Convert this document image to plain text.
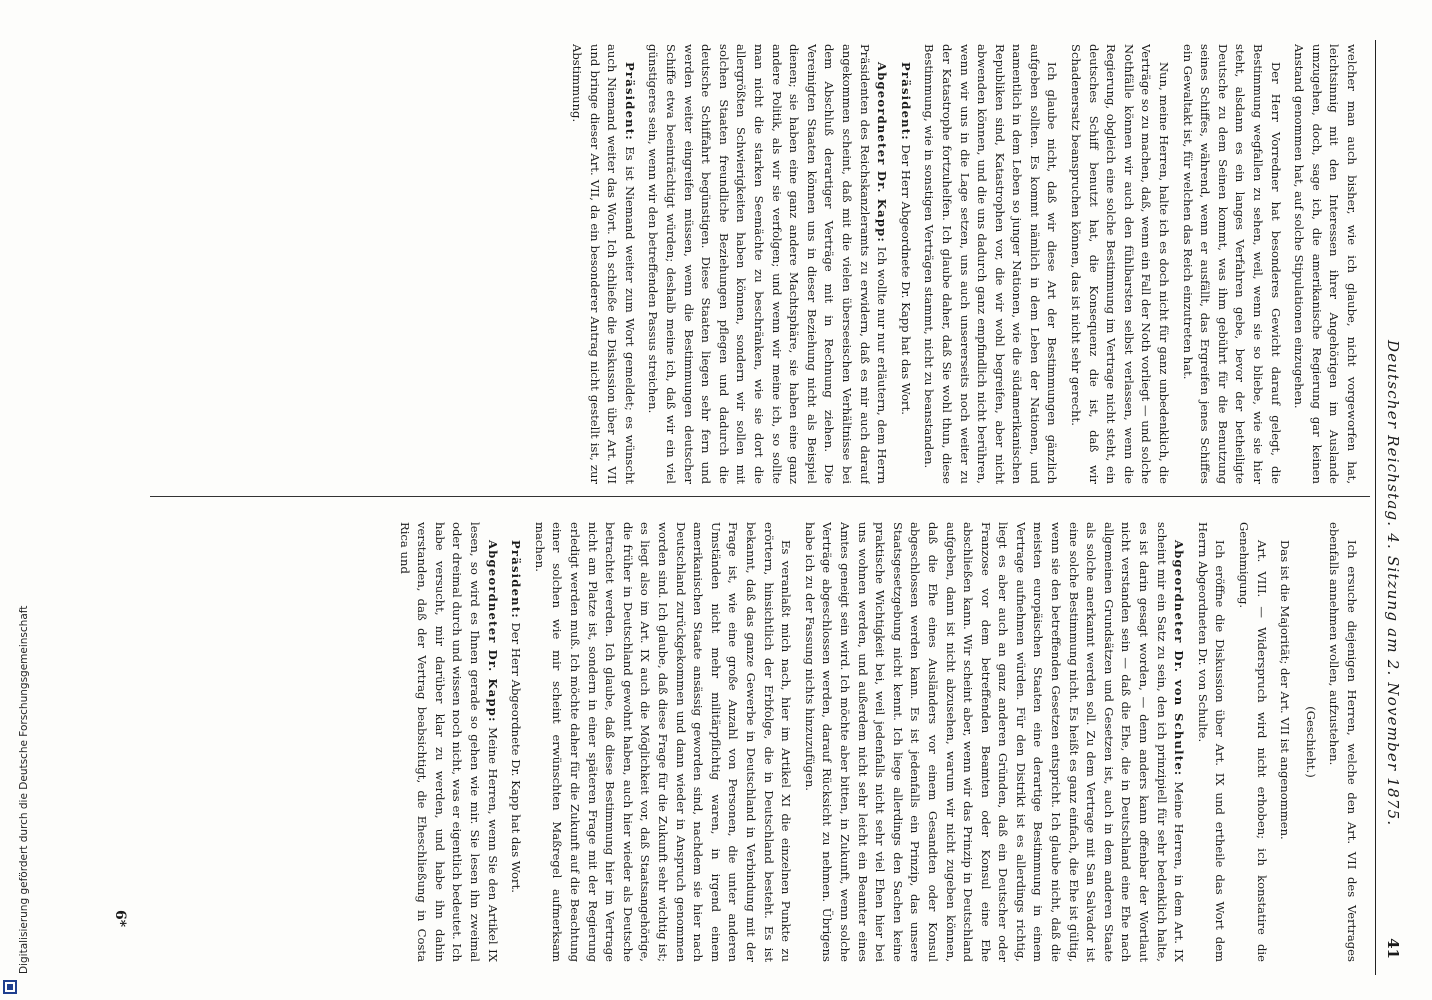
Digitalisierung gefördert durch die Deutsche Forschungsgemeinschaft	Deutscher Reichstag. 4. Sitzung am 2. November 1875.
41

welcher man auch bisher, wie ich glaube, nicht vorgeworfen hat, leichtsinnig mit den Interessen ihrer Angehörigen im Auslande umzugehen, doch, sage ich, die amerikanische Regierung gar keinen Anstand genommen hat, auf solche Stipulationen einzugehen.

Der Herr Vorredner hat besonderes Gewicht darauf gelegt, die Bestimmung wegfallen zu sehen, weil, wenn sie so bliebe, wie sie hier steht, alsdann es ein langes Verfahren gebe, bevor der betheiligte Deutsche zu dem Seinen kommt, was ihm gebührt für die Benutzung seines Schiffes, während, wenn er ausfällt, das Ergreifen jenes Schiffes ein Gewaltakt ist, für welchen das Reich einzutreten hat.

Nun, meine Herren, halte ich es doch nicht für ganz unbedenklich, die Verträge so zu machen, daß, wenn ein Fall der Noth vorliegt — und solche Nothfälle können wir auch den fühlbarsten selbst verlassen, wenn die Regierung, obgleich eine solche Bestimmung im Vertrage nicht steht, ein deutsches Schiff benutzt hat, die Konsequenz die ist, daß wir Schadenersatz beanspruchen können, das ist nicht sehr gerecht.

Ich glaube nicht, daß wir diese Art der Bestimmungen gänzlich aufgeben sollten. Es kommt nämlich in dem Leben der Nationen, und namentlich in dem Leben so junger Nationen, wie die südamerikanischen Republiken sind, Katastrophen vor, die wir wohl begreifen, aber nicht abwenden können, und die uns dadurch ganz empfindlich nicht berühren, wenn wir uns in die Lage setzen, uns auch unsererseits noch weiter zu der Katastrophe fortzuhelfen. Ich glaube daher, daß Sie wohl thun, diese Bestimmung, wie in sonstigen Verträgen stammt, nicht zu beanstanden.

Präsident: Der Herr Abgeordnete Dr. Kapp hat das Wort.

Abgeordneter Dr. Kapp: Ich wollte nur nur erläutern, dem Herrn Präsidenten des Reichskanzleramts zu erwidern, daß es mir auch darauf angekommen scheint, daß mit die vielen überseeischen Verhältnisse bei dem Abschluß derartiger Verträge mit in Rechnung ziehen. Die Vereinigten Staaten können uns in dieser Beziehung nicht als Beispiel dienen; sie haben eine ganz andere Machtsphäre, sie haben eine ganz andere Politik, als wir sie verfolgen; und wenn wir meine ich, so sollte man nicht die starken Seemächte zu beschränken, wie sie dort die allergrößten Schwierigkeiten haben können, sondern wir sollen mit solchen Staaten freundliche Beziehungen pflegen und dadurch die deutsche Schiffahrt begünstigen. Diese Staaten liegen sehr fern und werden weiter eingreifen müssen, wenn die Bestimmungen deutscher Schiffe etwa beeinträchtigt würden; deshalb meine ich, daß wir ein viel günstigeres sein, wenn wir den betreffenden Passus streichen.

Präsident: Es ist Niemand weiter zum Wort gemeldet; es wünscht auch Niemand weiter das Wort. Ich schließe die Diskussion über Art. VII und bringe dieser Art. VII, da ein besonderer Antrag nicht gestellt ist, zur Abstimmung.

Ich ersuche diejenigen Herren, welche den Art. VII des Vertrages ebenfalls annehmen wollen, aufzustehen.

(Geschieht.)

Das ist die Majorität; der Art. VII ist angenommen.

Art. VIII. — Widerspruch wird nicht erhoben; ich konstatire die Genehmigung.

Ich eröffne die Diskussion über Art. IX und ertheile das Wort dem Herrn Abgeordneten Dr. von Schulte.

Abgeordneter Dr. von Schulte: Meine Herren, in dem Art. IX scheint mir ein Satz zu sein, den ich prinzipiell für sehr bedenklich halte, es ist darin gesagt worden, — denn anders kann offenbar der Wortlaut nicht verstanden sein — daß die Ehe, die in Deutschland eine Ehe nach allgemeinen Grundsätzen und Gesetzen ist, auch in dem anderen Staate als solche anerkannt werden soll. Zu dem Vertrage mit San Salvador ist eine solche Bestimmung nicht. Es heißt es ganz einfach, die Ehe ist gültig, wenn sie den betreffenden Gesetzen entspricht. Ich glaube nicht, daß die meisten europäischen Staaten eine derartige Bestimmung in einem Vertrage aufnehmen würden. Für den Distrikt ist es allerdings richtig, liegt es aber auch an ganz anderen Gründen, daß ein Deutscher oder Franzose vor dem betreffenden Beamten oder Konsul eine Ehe abschließen kann. Wir scheint aber, wenn wir das Prinzip in Deutschland aufgeben, dann ist nicht abzusehen, warum wir nicht zugeben können, daß die Ehe eines Ausländers vor einem Gesandten oder Konsul abgeschlossen werden kann. Es ist jedenfalls ein Prinzip, das unsere Staatsgesetzgebung nicht kennt. Ich liege allerdings den Sachen keine praktische Wichtigkeit bei, weil jedenfalls nicht sehr viel Ehen hier bei uns wohnen werden, und außerdem nicht sehr leicht ein Beamter eines Amtes geneigt sein wird. Ich möchte aber bitten, in Zukunft, wenn solche Verträge abgeschlossen werden, darauf Rücksicht zu nehmen. Übrigens habe ich zu der Fassung nichts hinzuzufügen.

Es veranlaßt mich nach, hier im Artikel XI die einzelnen Punkte zu erörtern, hinsichtlich der Erbfolge, die in Deutschland besteht. Es ist bekannt, daß das ganze Gewerbe in Deutschland in Verbindung mit der Frage ist, wie eine große Anzahl von Personen, die unter anderen Umständen nicht mehr militärpflichtig waren, in irgend einem amerikanischen Staate ansässig geworden sind, nachdem sie hier nach Deutschland zurückgekommen und dann wieder in Anspruch genommen worden sind. Ich glaube, daß diese Frage für die Zukunft sehr wichtig ist; es liegt also im Art. IX auch die Möglichkeit vor, daß Staatsangehörige, die früher in Deutschland gewohnt haben, auch hier wieder als Deutsche betrachtet werden. Ich glaube, daß diese Bestimmung hier im Vertrage nicht am Platze ist, sondern in einer späteren Frage mit der Regierung erledigt werden muß. Ich möchte daher für die Zukunft auf die Beachtung einer solchen wie mir scheint erwünschten Maßregel aufmerksam machen.

Präsident: Der Herr Abgeordnete Dr. Kapp hat das Wort.

Abgeordneter Dr. Kapp: Meine Herren, wenn Sie den Artikel IX lesen, so wird es Ihnen gerade so gehen wie mir. Sie lesen ihn zweimal oder dreimal durch und wissen noch nicht, was er eigentlich bedeutet. Ich habe versucht, mir darüber klar zu werden, und habe ihn dahin verstanden, daß der Vertrag beabsichtigt, die Eheschließung in Costa Rica und

6*
